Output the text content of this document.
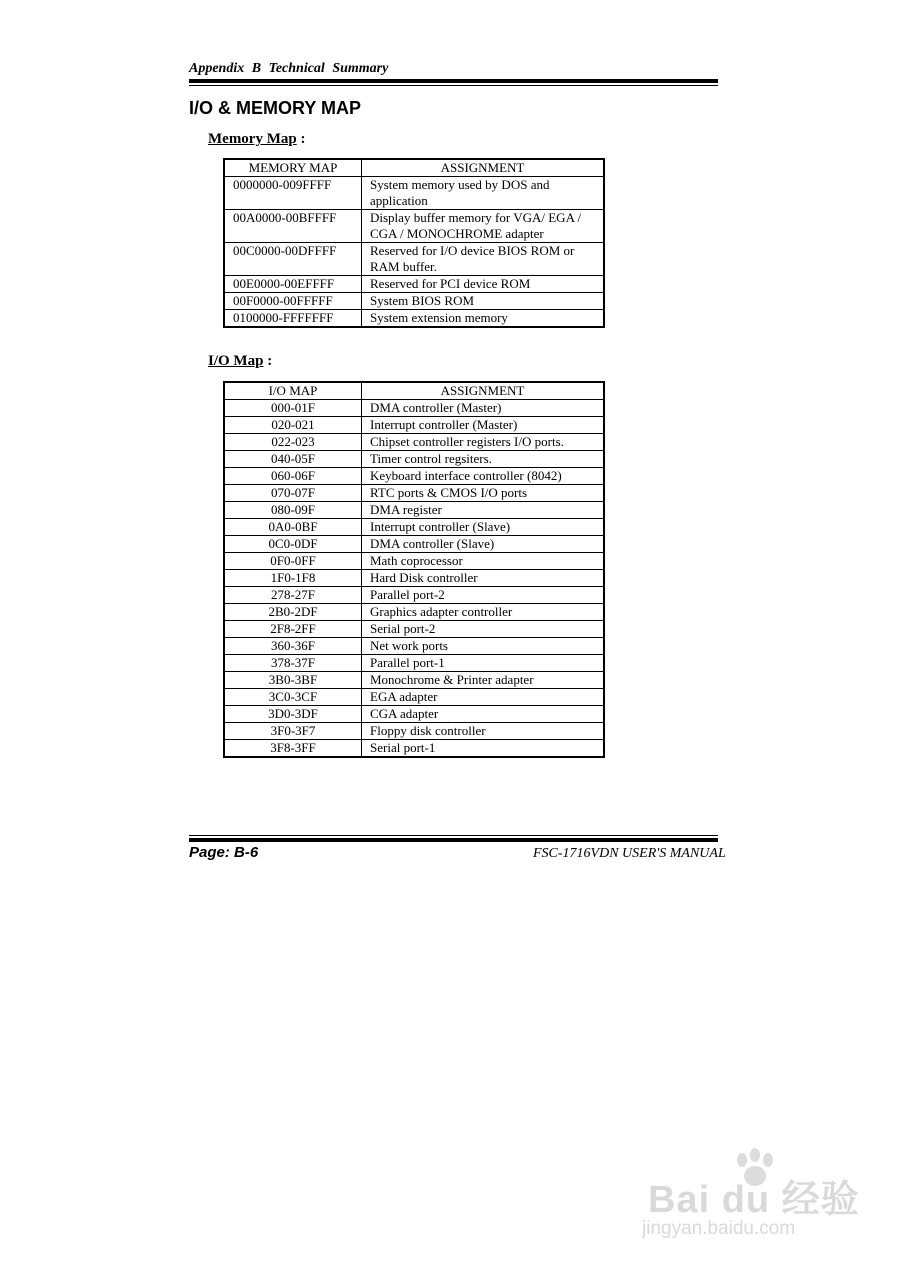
Appendix B Technical Summary
I/O & MEMORY MAP
Memory Map :
MEMORY MAP	ASSIGNMENT
0000000-009FFFF	System memory used by DOS and application
00A0000-00BFFFF	Display buffer memory for VGA/ EGA / CGA / MONOCHROME adapter
00C0000-00DFFFF	Reserved for I/O device BIOS ROM or RAM buffer.
00E0000-00EFFFF	Reserved for PCI device ROM
00F0000-00FFFFF	System BIOS ROM
0100000-FFFFFFF	System extension memory
I/O Map :
I/O MAP	ASSIGNMENT
000-01F	DMA controller (Master)
020-021	Interrupt controller (Master)
022-023	Chipset controller registers I/O ports.
040-05F	Timer control regsiters.
060-06F	Keyboard interface controller (8042)
070-07F	RTC ports & CMOS I/O ports
080-09F	DMA register
0A0-0BF	Interrupt controller (Slave)
0C0-0DF	DMA controller (Slave)
0F0-0FF	Math coprocessor
1F0-1F8	Hard Disk controller
278-27F	Parallel port-2
2B0-2DF	Graphics adapter controller
2F8-2FF	Serial port-2
360-36F	Net work ports
378-37F	Parallel port-1
3B0-3BF	Monochrome & Printer adapter
3C0-3CF	EGA adapter
3D0-3DF	CGA adapter
3F0-3F7	Floppy disk controller
3F8-3FF	Serial port-1
Page: B-6	FSC-1716VDN USER'S MANUAL
Bai du 经验
jingyan.baidu.com
